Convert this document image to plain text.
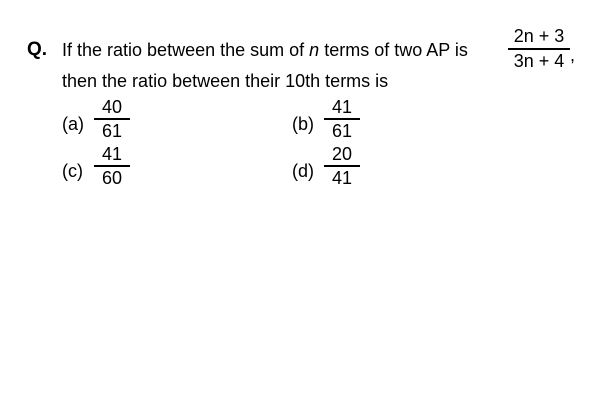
Q. If the ratio between the sum of n terms of two AP is
2n + 3
3n + 4 ,
then the ratio between their 10th terms is
(a)
40
61	(b)
41
61
(c)
41
60	(d)
20
41
